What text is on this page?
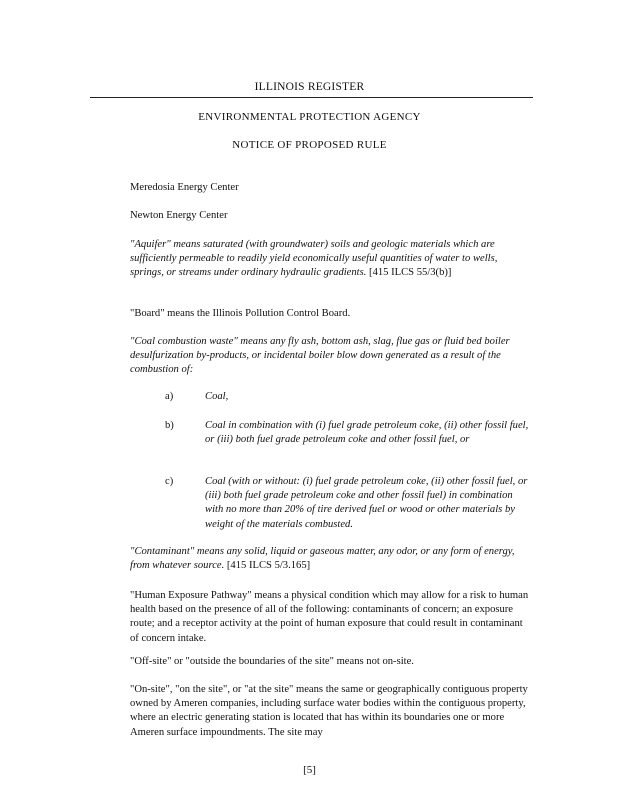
ILLINOIS REGISTER
ENVIRONMENTAL PROTECTION AGENCY
NOTICE OF PROPOSED RULE

Meredosia Energy Center

Newton Energy Center

"Aquifer" means saturated (with groundwater) soils and geologic materials which are sufficiently permeable to readily yield economically useful quantities of water to wells, springs, or streams under ordinary hydraulic gradients. [415 ILCS 55/3(b)]

"Board" means the Illinois Pollution Control Board.

"Coal combustion waste" means any fly ash, bottom ash, slag, flue gas or fluid bed boiler desulfurization by-products, or incidental boiler blow down generated as a result of the combustion of:

a)	Coal,
b)	Coal in combination with (i) fuel grade petroleum coke, (ii) other fossil fuel, or (iii) both fuel grade petroleum coke and other fossil fuel, or
c)	Coal (with or without: (i) fuel grade petroleum coke, (ii) other fossil fuel, or (iii) both fuel grade petroleum coke and other fossil fuel) in combination with no more than 20% of tire derived fuel or wood or other materials by weight of the materials combusted.

"Contaminant" means any solid, liquid or gaseous matter, any odor, or any form of energy, from whatever source. [415 ILCS 5/3.165]

"Human Exposure Pathway" means a physical condition which may allow for a risk to human health based on the presence of all of the following: contaminants of concern; an exposure route; and a receptor activity at the point of human exposure that could result in contaminant of concern intake.

"Off-site" or "outside the boundaries of the site" means not on-site.

"On-site", "on the site", or "at the site" means the same or geographically contiguous property owned by Ameren companies, including surface water bodies within the contiguous property, where an electric generating station is located that has within its boundaries one or more Ameren surface impoundments. The site may

[5]
